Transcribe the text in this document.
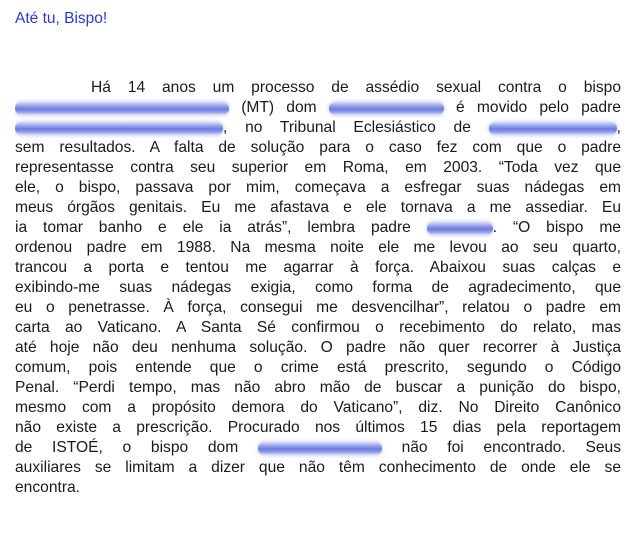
Até tu, Bispo!
Há 14 anos um processo de assédio sexual contra o bispo
(MT) dom	é movido pelo padre
, no Tribunal Eclesiástico de	,
sem resultados. A falta de solução para o caso fez com que o padre
representasse contra seu superior em Roma, em 2003. “Toda vez que
ele, o bispo, passava por mim, começava a esfregar suas nádegas em
meus órgãos genitais. Eu me afastava e ele tornava a me assediar. Eu
ia tomar banho e ele ia atrás”, lembra padre	. “O bispo me
ordenou padre em 1988. Na mesma noite ele me levou ao seu quarto,
trancou a porta e tentou me agarrar à força. Abaixou suas calças e
exibindo-me suas nádegas exigia, como forma de agradecimento, que
eu o penetrasse. À força, consegui me desvencilhar”, relatou o padre em
carta ao Vaticano. A Santa Sé confirmou o recebimento do relato, mas
até hoje não deu nenhuma solução. O padre não quer recorrer à Justiça
comum, pois entende que o crime está prescrito, segundo o Código
Penal. “Perdi tempo, mas não abro mão de buscar a punição do bispo,
mesmo com a propósito demora do Vaticano”, diz. No Direito Canônico
não existe a prescrição. Procurado nos últimos 15 dias pela reportagem
de ISTOÉ, o bispo dom	não foi encontrado. Seus
auxiliares se limitam a dizer que não têm conhecimento de onde ele se
encontra.
